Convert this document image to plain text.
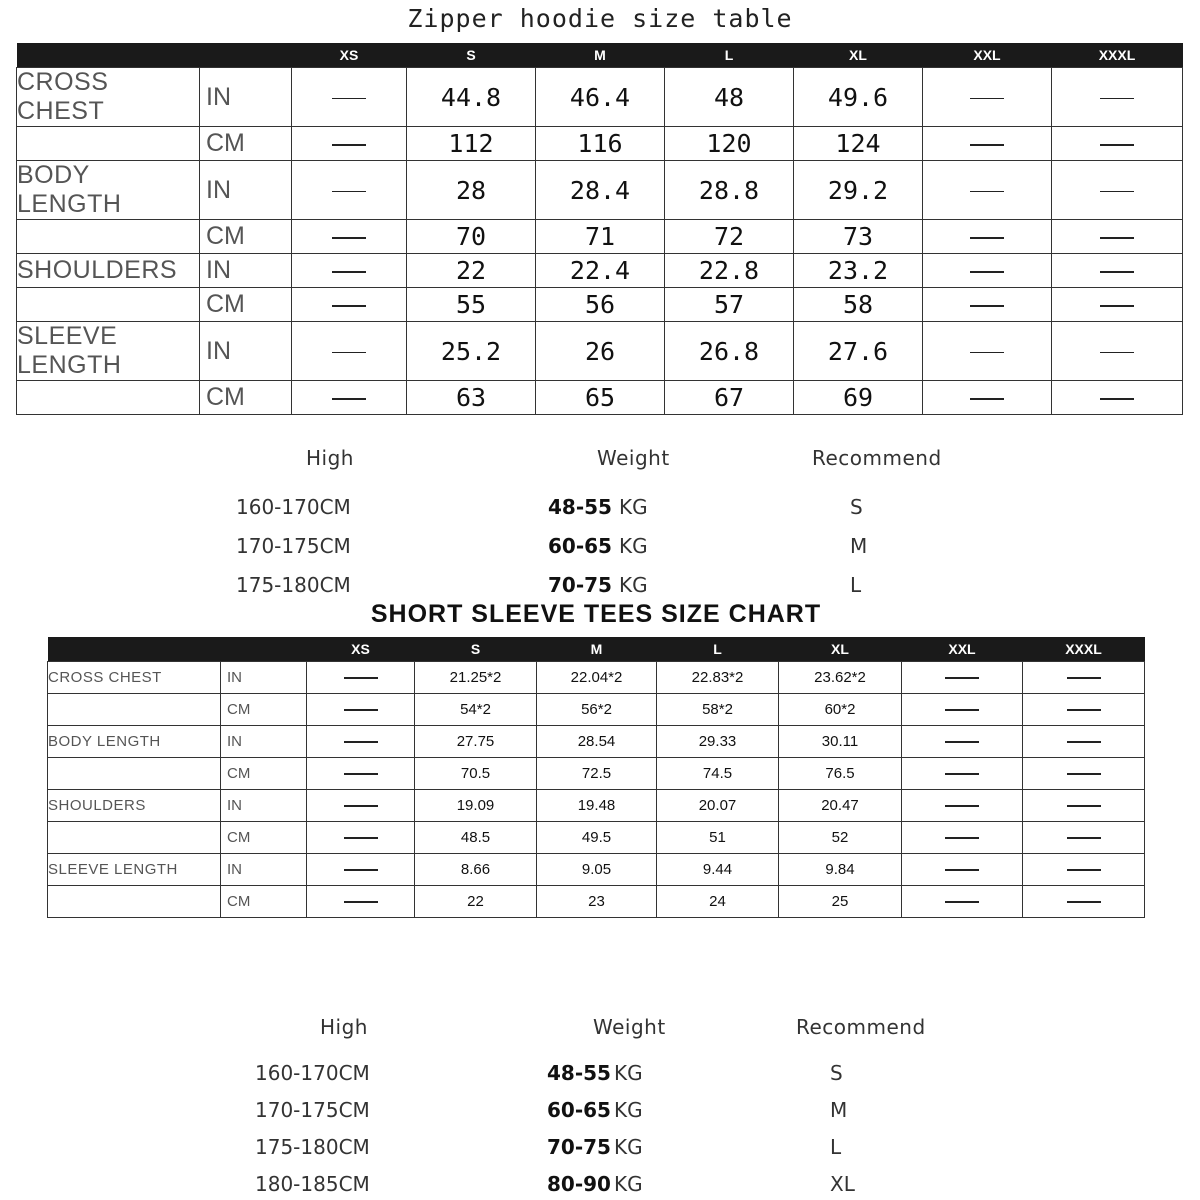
Zipper hoodie size table
		XS	S	M	L	XL	XXL	XXXL
CROSS CHEST	IN		44.8	46.4	48	49.6		
	CM		112	116	120	124		
BODY LENGTH	IN		28	28.4	28.8	29.2		
	CM		70	71	72	73		
SHOULDERS	IN		22	22.4	22.8	23.2		
	CM		55	56	57	58		
SLEEVE LENGTH	IN		25.2	26	26.8	27.6		
	CM		63	65	67	69		
High	Weight	Recommend
160-170CM	48-55 KG	S
170-175CM	60-65 KG	M
175-180CM	70-75 KG	L
SHORT SLEEVE TEES SIZE CHART
		XS	S	M	L	XL	XXL	XXXL
CROSS CHEST	IN		21.25*2	22.04*2	22.83*2	23.62*2		
	CM		54*2	56*2	58*2	60*2		
BODY LENGTH	IN		27.75	28.54	29.33	30.11		
	CM		70.5	72.5	74.5	76.5		
SHOULDERS	IN		19.09	19.48	20.07	20.47		
	CM		48.5	49.5	51	52		
SLEEVE LENGTH	IN		8.66	9.05	9.44	9.84		
	CM		22	23	24	25		
High	Weight	Recommend
160-170CM	48-55 KG	S
170-175CM	60-65 KG	M
175-180CM	70-75 KG	L
180-185CM	80-90 KG	XL
